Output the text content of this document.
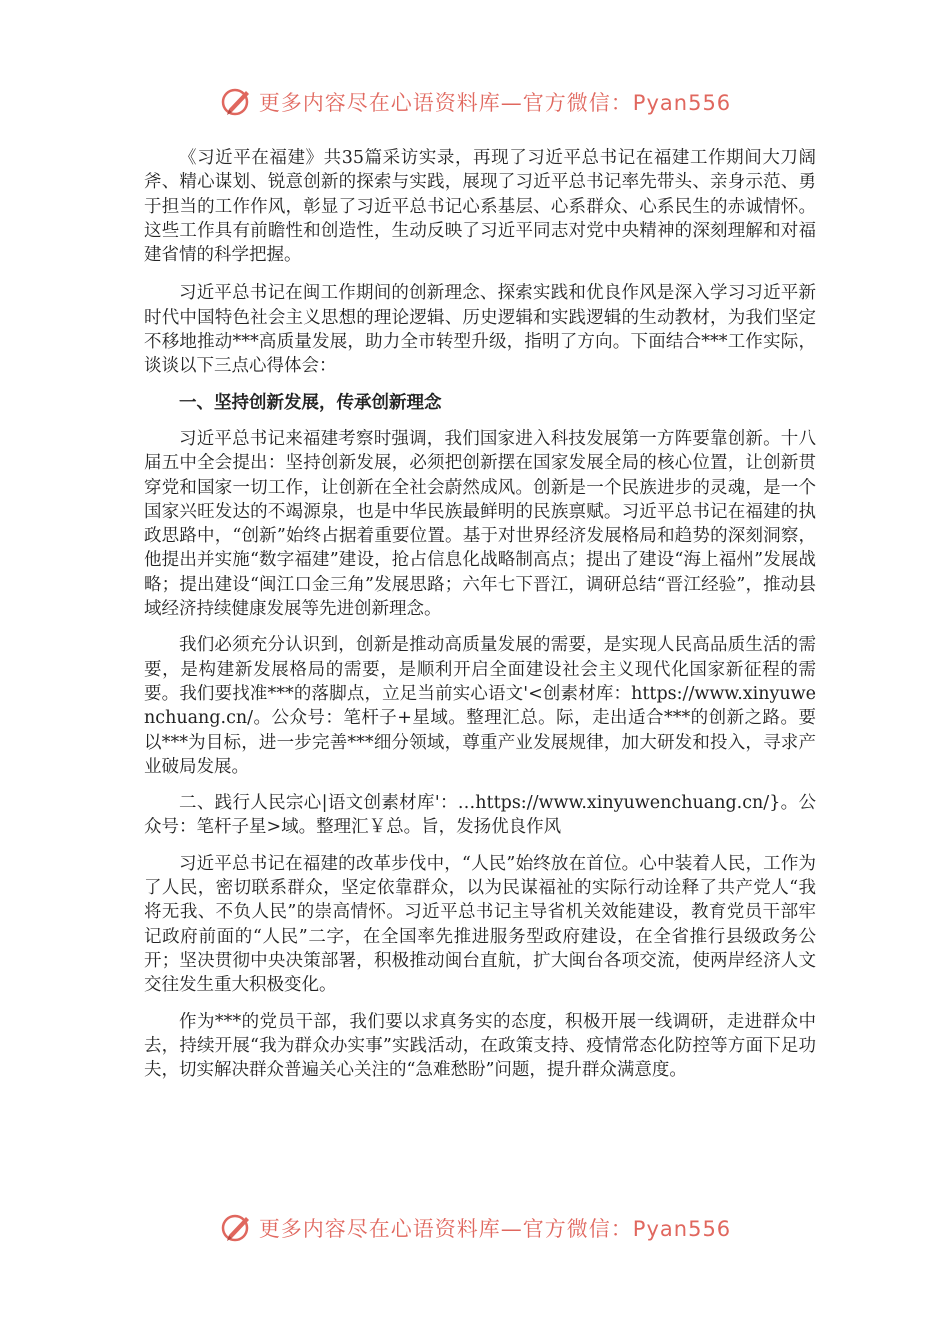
更多内容尽在心语资料库—官方微信：Pyan556

《习近平在福建》共35篇采访实录，再现了习近平总书记在福建工作期间大刀阔斧、精心谋划、锐意创新的探索与实践，展现了习近平总书记率先带头、亲身示范、勇于担当的工作作风，彰显了习近平总书记心系基层、心系群众、心系民生的赤诚情怀。这些工作具有前瞻性和创造性，生动反映了习近平同志对党中央精神的深刻理解和对福建省情的科学把握。

习近平总书记在闽工作期间的创新理念、探索实践和优良作风是深入学习习近平新时代中国特色社会主义思想的理论逻辑、历史逻辑和实践逻辑的生动教材，为我们坚定不移地推动***高质量发展，助力全市转型升级，指明了方向。下面结合***工作实际，谈谈以下三点心得体会：

一、坚持创新发展，传承创新理念

习近平总书记来福建考察时强调，我们国家进入科技发展第一方阵要靠创新。十八届五中全会提出：坚持创新发展，必须把创新摆在国家发展全局的核心位置，让创新贯穿党和国家一切工作，让创新在全社会蔚然成风。创新是一个民族进步的灵魂，是一个国家兴旺发达的不竭源泉，也是中华民族最鲜明的民族禀赋。习近平总书记在福建的执政思路中，“创新”始终占据着重要位置。基于对世界经济发展格局和趋势的深刻洞察，他提出并实施“数字福建”建设，抢占信息化战略制高点；提出了建设“海上福州”发展战略；提出建设“闽江口金三角”发展思路；六年七下晋江，调研总结“晋江经验”，推动县域经济持续健康发展等先进创新理念。

我们必须充分认识到，创新是推动高质量发展的需要，是实现人民高品质生活的需要，是构建新发展格局的需要，是顺利开启全面建设社会主义现代化国家新征程的需要。我们要找准***的落脚点，立足当前实心语文'<创素材库：https://www.xinyuwenchuang.cn/。公众号：笔杆子+星域。整理汇总。际，走出适合***的创新之路。要以***为目标，进一步完善***细分领域，尊重产业发展规律，加大研发和投入，寻求产业破局发展。

二、践行人民宗心|语文创素材库'：…https://www.xinyuwenchuang.cn/}。公众号：笔杆子星>域。整理汇￥总。旨，发扬优良作风

习近平总书记在福建的改革步伐中，“人民”始终放在首位。心中装着人民，工作为了人民，密切联系群众，坚定依靠群众，以为民谋福祉的实际行动诠释了共产党人“我将无我、不负人民”的崇高情怀。习近平总书记主导省机关效能建设，教育党员干部牢记政府前面的“人民”二字，在全国率先推进服务型政府建设，在全省推行县级政务公开；坚决贯彻中央决策部署，积极推动闽台直航，扩大闽台各项交流，使两岸经济人文交往发生重大积极变化。

作为***的党员干部，我们要以求真务实的态度，积极开展一线调研，走进群众中去，持续开展“我为群众办实事”实践活动，在政策支持、疫情常态化防控等方面下足功夫，切实解决群众普遍关心关注的“急难愁盼”问题，提升群众满意度。

更多内容尽在心语资料库—官方微信：Pyan556
